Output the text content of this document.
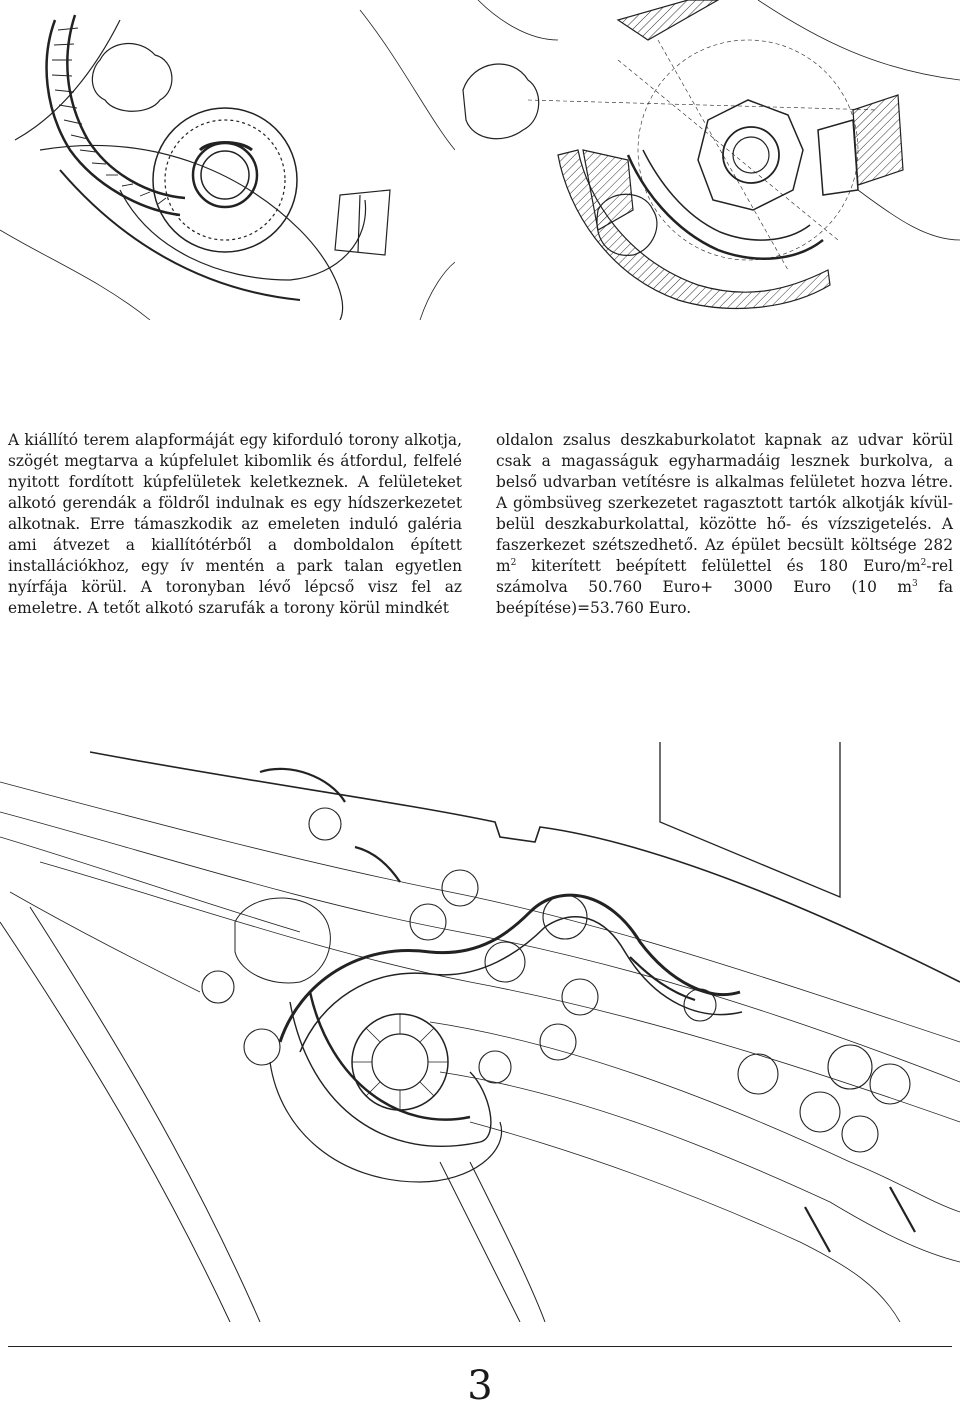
A kiállító terem alapformáját egy kiforduló torony alkotja, szögét megtarva a kúpfelulet kibomlik és átfordul, felfelé nyitott fordított kúpfelületek keletkeznek. A felületeket alkotó gerendák a földről indulnak es egy hídszerkezetet alkotnak. Erre támaszkodik az emeleten induló galéria ami átvezet a kiallítótérből a domboldalon épített installációkhoz, egy ív mentén a park talan egyetlen nyírfája körül. A toronyban lévő lépcső visz fel az emeletre. A tetőt alkotó szarufák a torony körül mindkét

oldalon zsalus deszkaburkolatot kapnak az udvar körül csak a magasságuk egyharmadáig lesznek burkolva, a belső udvarban vetítésre is alkalmas felületet hozva létre. A gömbsüveg szerkezetet ragasztott tartók alkotják kívül-belül deszkaburkolattal, közötte hő- és vízszigetelés. A faszerkezet szétszedhető. Az épület becsült költsége 282 $m^2$ kiterített beépített felülettel és 180 Euro/$m^2$-rel számolva 50.760 Euro+ 3000 Euro (10 $m^3$ fa beépítése)=53.760 Euro.

3
